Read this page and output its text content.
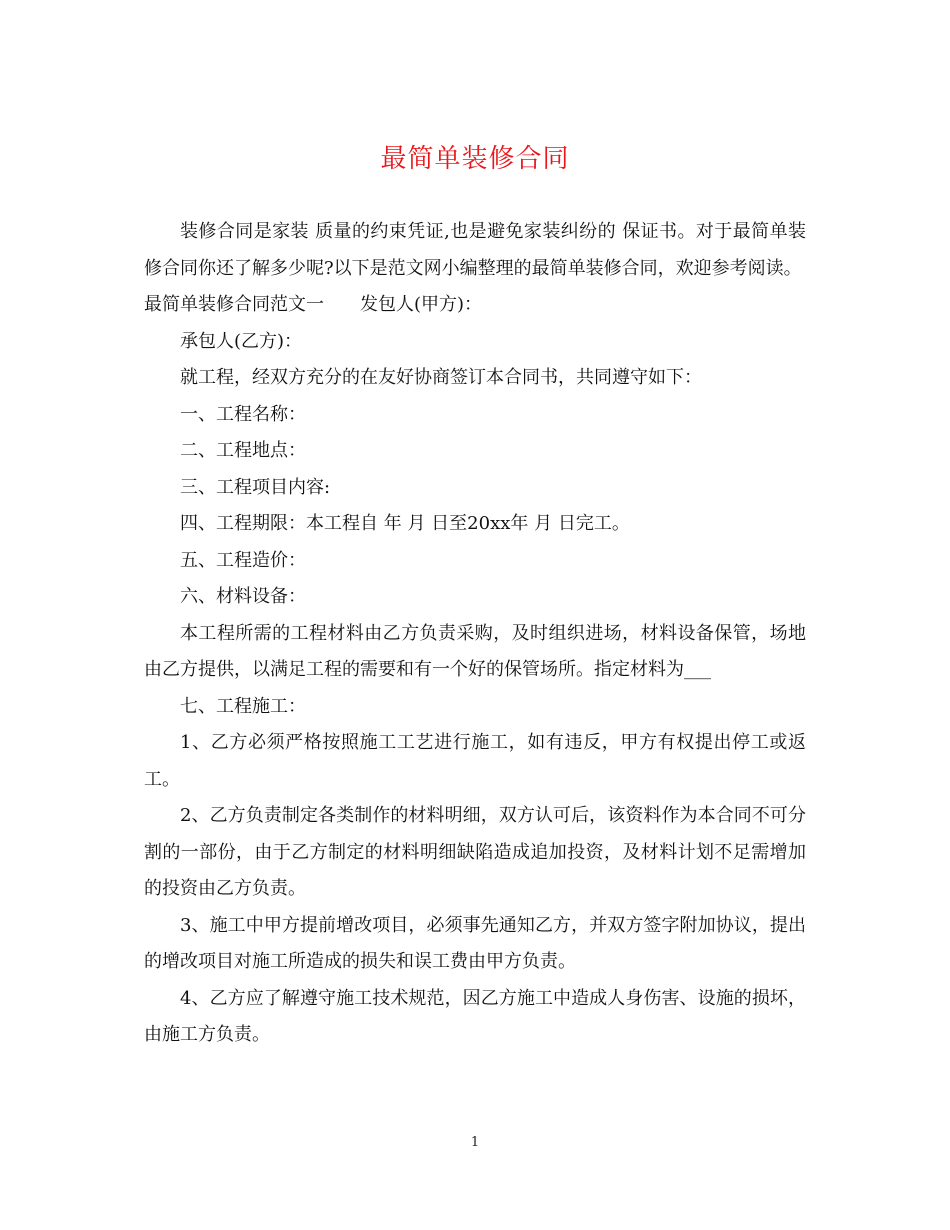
最简单装修合同

装修合同是家装 质量的约束凭证,也是避免家装纠纷的 保证书。对于最简单装修合同你还了解多少呢?以下是范文网小编整理的最简单装修合同，欢迎参考阅读。

最简单装修合同范文一 发包人(甲方)：

承包人(乙方)：

就工程，经双方充分的在友好协商签订本合同书，共同遵守如下：

一、工程名称：

二、工程地点：

三、工程项目内容:

四、工程期限：本工程自 年 月 日至20xx年 月 日完工。

五、工程造价：

六、材料设备：

本工程所需的工程材料由乙方负责采购，及时组织进场，材料设备保管，场地由乙方提供，以满足工程的需要和有一个好的保管场所。指定材料为___

七、工程施工：

1、乙方必须严格按照施工工艺进行施工，如有违反，甲方有权提出停工或返工。

2、乙方负责制定各类制作的材料明细，双方认可后，该资料作为本合同不可分割的一部份，由于乙方制定的材料明细缺陷造成追加投资，及材料计划不足需增加的投资由乙方负责。

3、施工中甲方提前增改项目，必须事先通知乙方，并双方签字附加协议，提出的增改项目对施工所造成的损失和误工费由甲方负责。

4、乙方应了解遵守施工技术规范，因乙方施工中造成人身伤害、设施的损坏，由施工方负责。

1
